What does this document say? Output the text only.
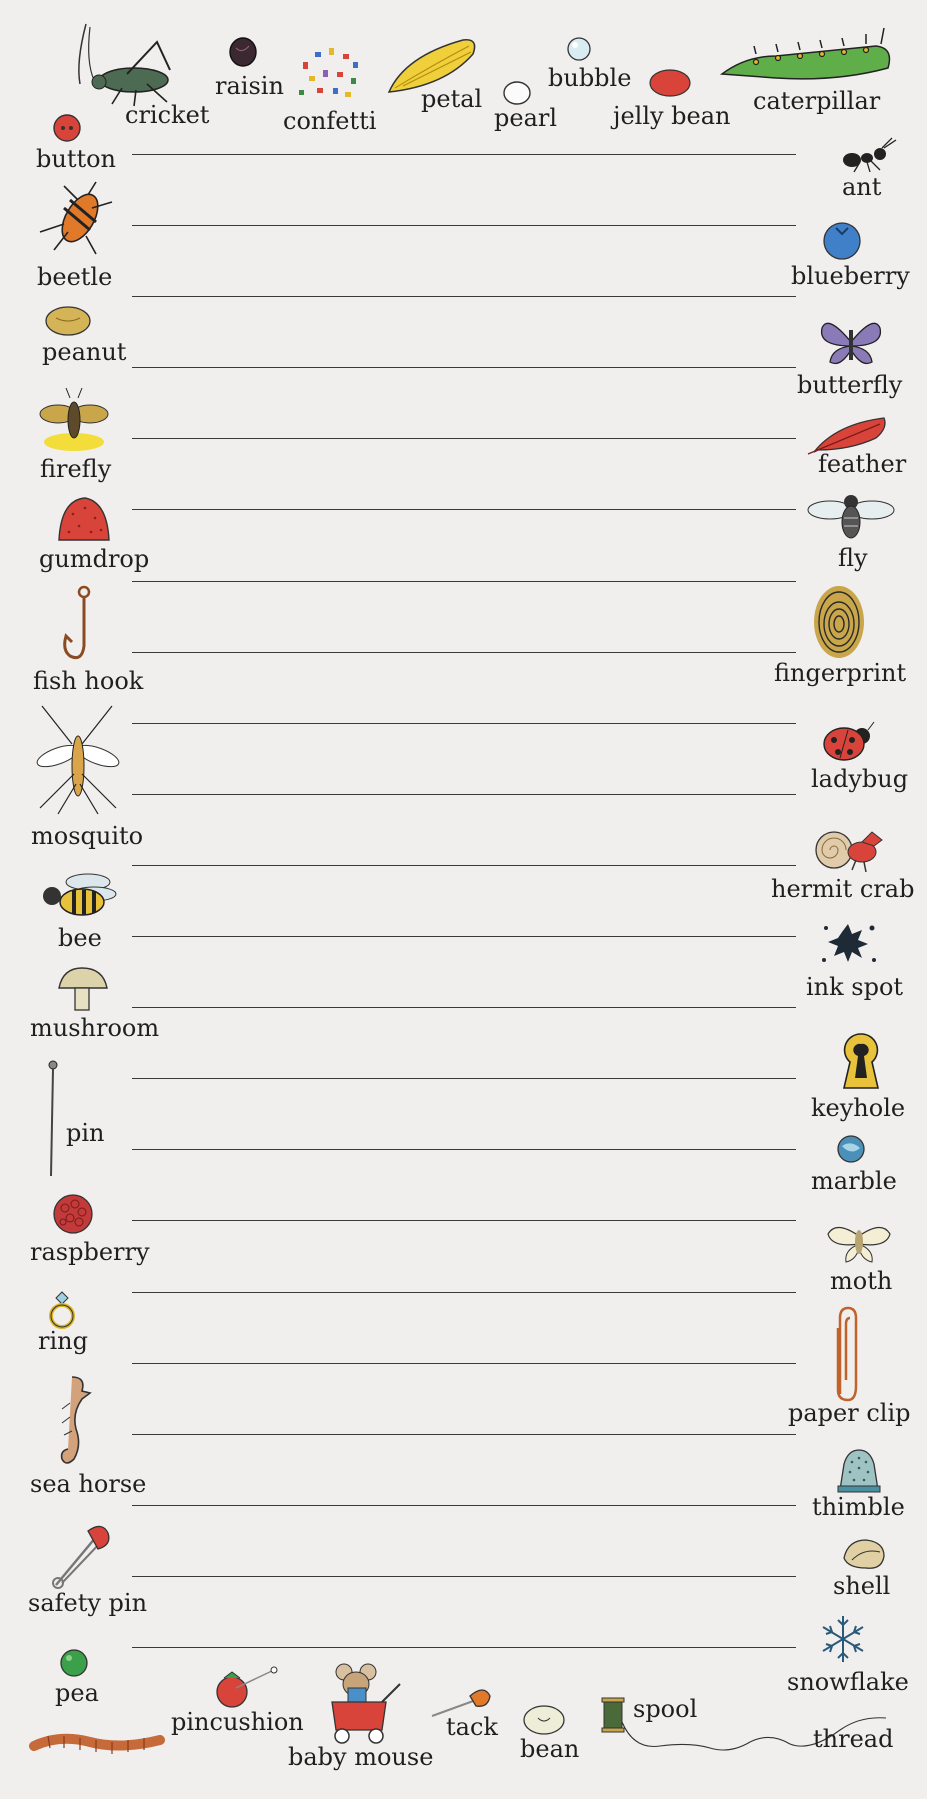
cricket
raisin
confetti
petal
pearl
bubble
jelly bean
caterpillar
button
beetle
peanut
firefly
gumdrop
fish hook
mosquito
bee
mushroom
pin
raspberry
ring
sea horse
safety pin
pea
ant
blueberry
butterfly
feather
fly
fingerprint
ladybug
hermit crab
ink spot
keyhole
marble
moth
paper clip
thimble
shell
snowflake
pincushion
baby mouse
tack
bean
spool
thread
